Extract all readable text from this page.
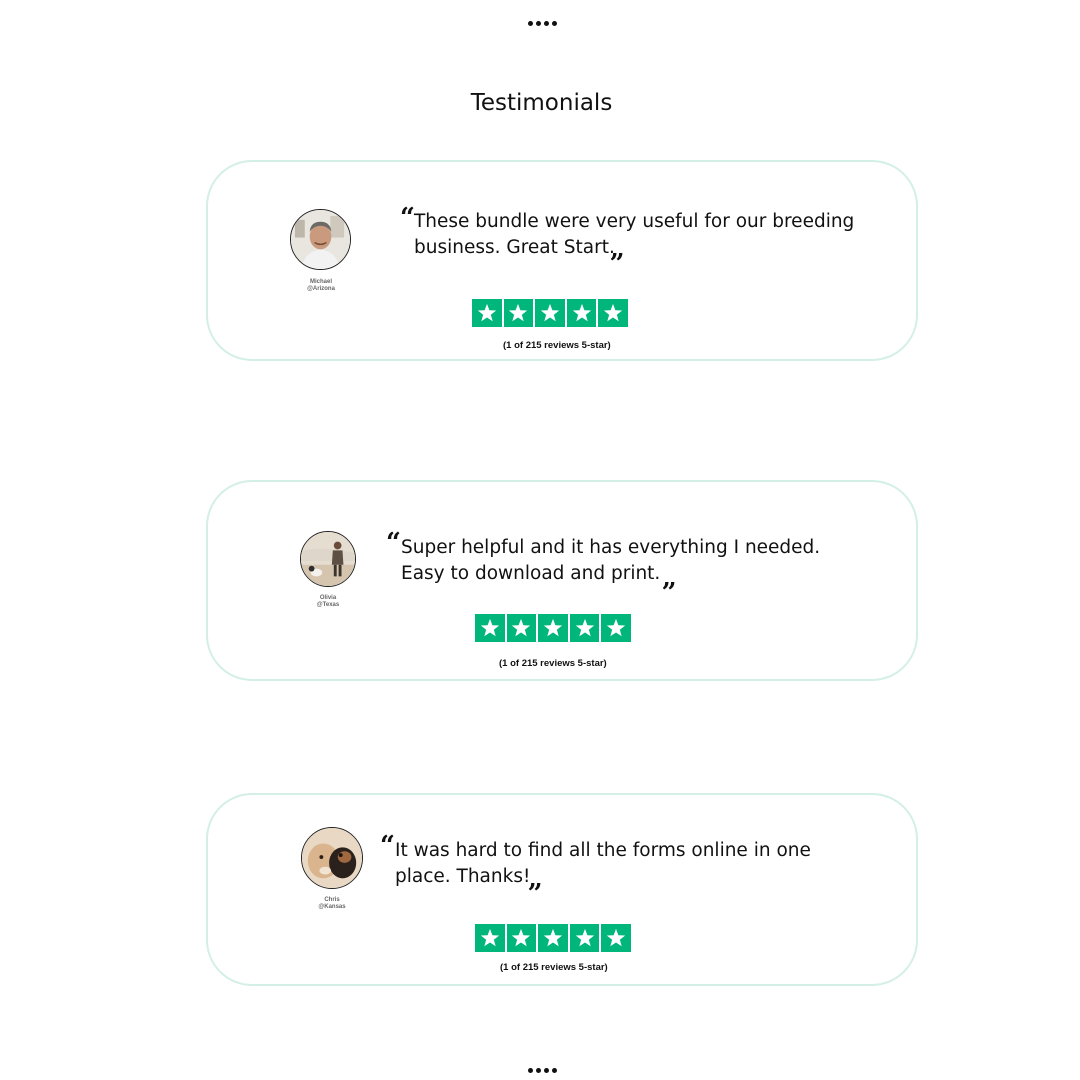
Testimonials
Michael
@Arizona
“ These bundle were very useful for our breeding
business. Great Start.
„
(1 of 215 reviews 5-star)
Olivia
@Texas
“ Super helpful and it has everything I needed.
Easy to download and print. „
(1 of 215 reviews 5-star)
Chris
@Kansas
“ It was hard to find all the forms online in one
place. Thanks!
„
(1 of 215 reviews 5-star)
